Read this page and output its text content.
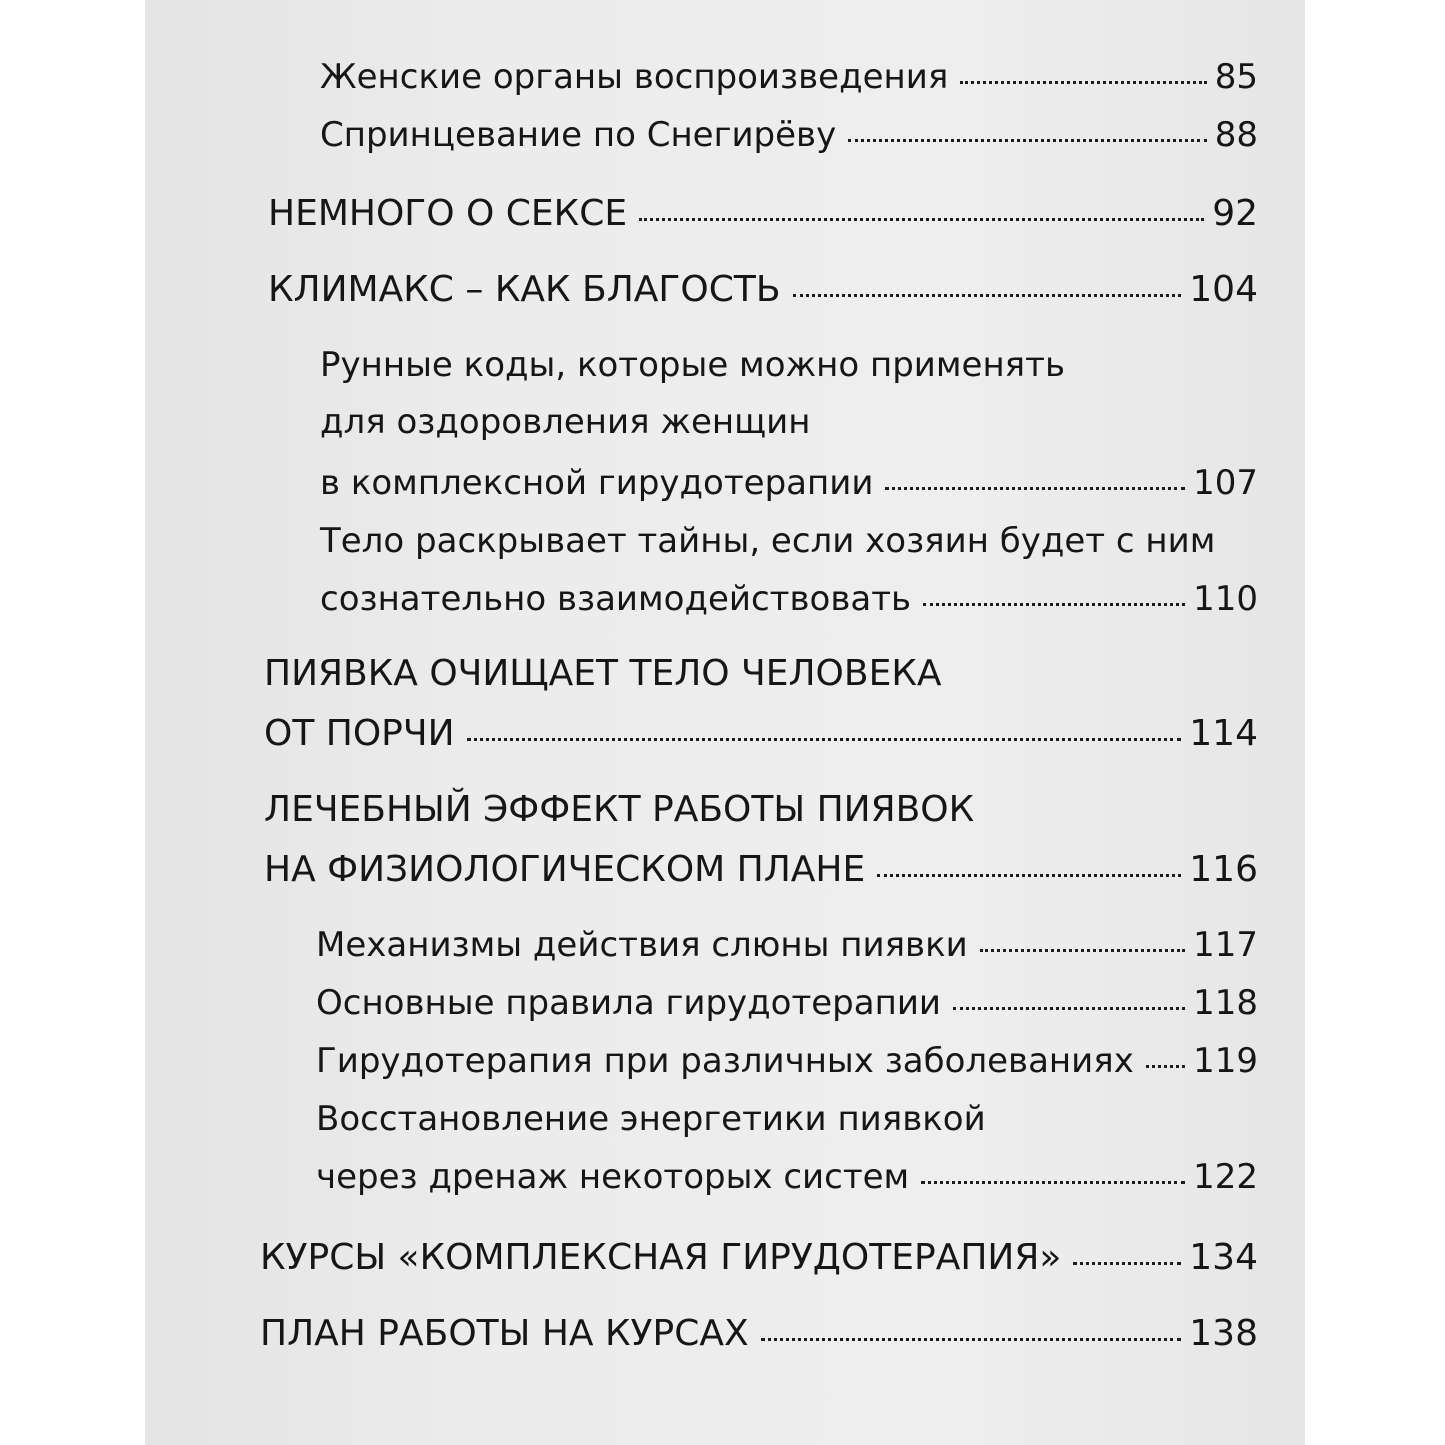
Женские органы воспроизведения	85
Спринцевание по Снегирёву	88
НЕМНОГО О СЕКСЕ	92
КЛИМАКС – КАК БЛАГОСТЬ	104
Рунные коды, которые можно применять
для оздоровления женщин
в комплексной гирудотерапии	107
Тело раскрывает тайны, если хозяин будет с ним
сознательно взаимодействовать	110
ПИЯВКА ОЧИЩАЕТ ТЕЛО ЧЕЛОВЕКА
ОТ ПОРЧИ	114
ЛЕЧЕБНЫЙ ЭФФЕКТ РАБОТЫ ПИЯВОК
НА ФИЗИОЛОГИЧЕСКОМ ПЛАНЕ	116
Механизмы действия слюны пиявки	117
Основные правила гирудотерапии	118
Гирудотерапия при различных заболеваниях 119
Восстановление энергетики пиявкой
через дренаж некоторых систем	122
КУРСЫ «КОМПЛЕКСНАЯ ГИРУДОТЕРАПИЯ»	134
ПЛАН РАБОТЫ НА КУРСАХ	138
